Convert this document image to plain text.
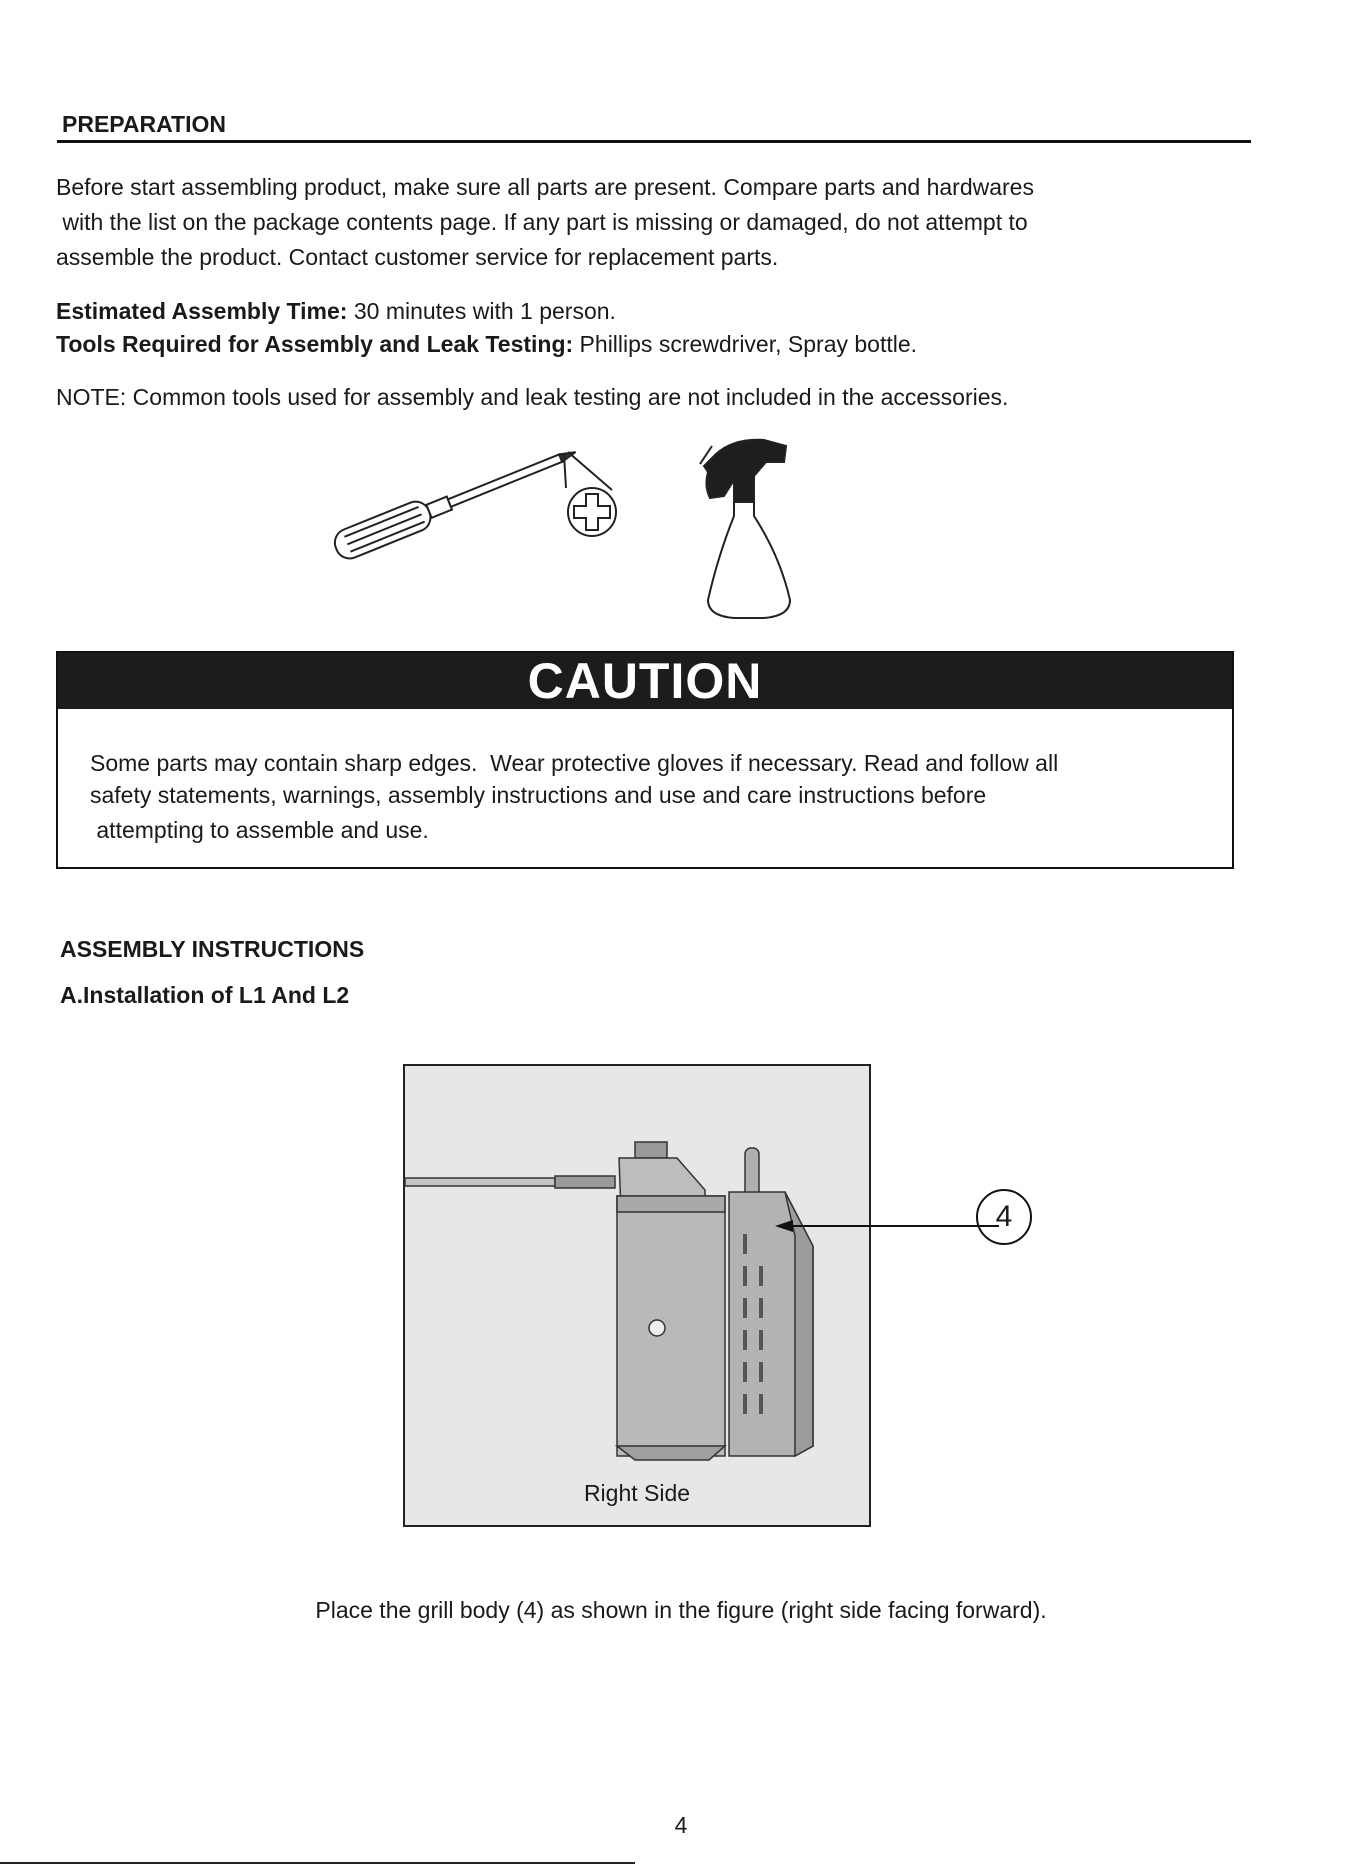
PREPARATION
Before start assembling product, make sure all parts are present. Compare parts and hardwares
with the list on the package contents page. If any part is missing or damaged, do not attempt to
assemble the product. Contact customer service for replacement parts.
Estimated Assembly Time: 30 minutes with 1 person.
Tools Required for Assembly and Leak Testing: Phillips screwdriver, Spray bottle.
NOTE: Common tools used for assembly and leak testing are not included in the accessories.
CAUTION
Some parts may contain sharp edges.  Wear protective gloves if necessary. Read and follow all
safety statements, warnings, assembly instructions and use and care instructions before
attempting to assemble and use.
ASSEMBLY INSTRUCTIONS
A.Installation of L1 And L2
Right Side
4
Place the grill body (4) as shown in the figure (right side facing forward).
4
